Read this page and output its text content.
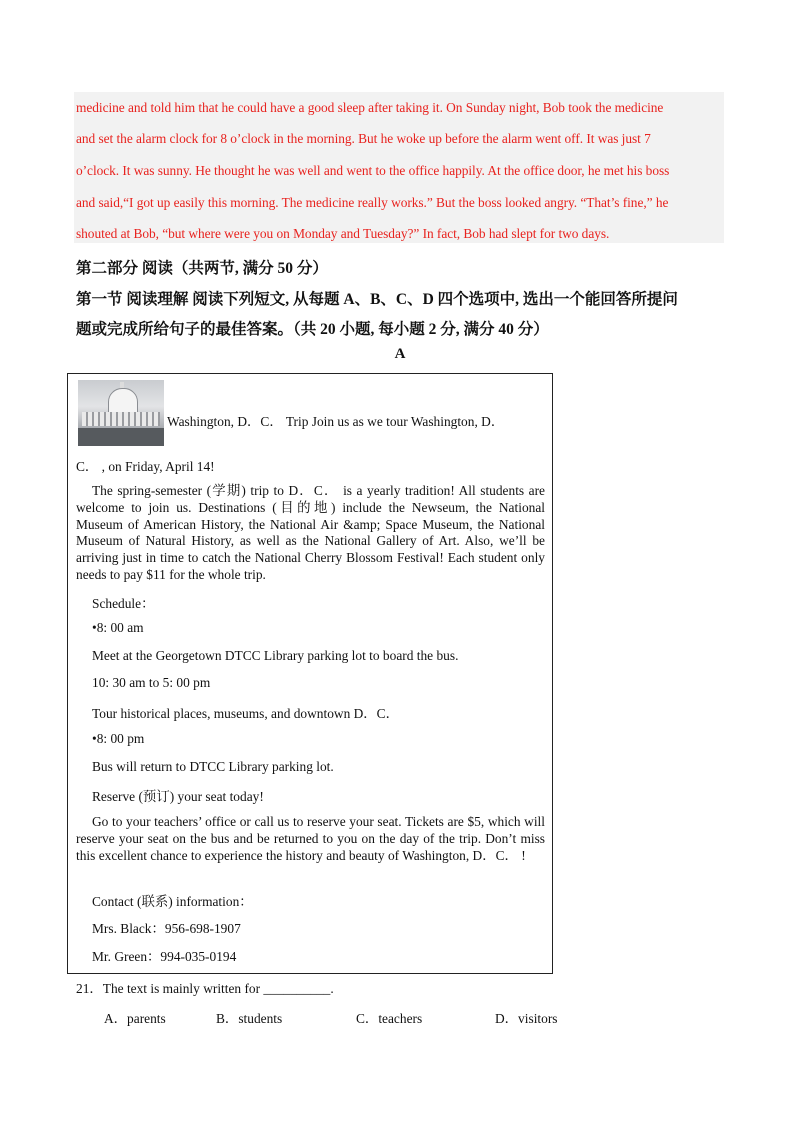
medicine and told him that he could have a good sleep after taking it. On Sunday night, Bob took the medicine
and set the alarm clock for 8 o’clock in the morning. But he woke up before the alarm went off. It was just 7
o’clock. It was sunny. He thought he was well and went to the office happily. At the office door, he met his boss
and said,“I got up easily this morning. The medicine really works.” But the boss looked angry. “That’s fine,” he
shouted at Bob, “but where were you on Monday and Tuesday?” In fact, Bob had slept for two days.
第二部分 阅读（共两节, 满分 50 分）
第一节 阅读理解 阅读下列短文, 从每题 A、B、C、D 四个选项中, 选出一个能回答所提问
题或完成所给句子的最佳答案。（共 20 小题, 每小题 2 分, 满分 40 分）
A
Washington, D．C． Trip Join us as we tour Washington, D．
C． , on Friday, April 14!
The spring-semester (学期) trip to D．C． is a yearly tradition! All students are welcome to join us. Destinations (目的地) include the Newseum, the National Museum of American History, the National Air &amp; Space Museum, the National Museum of Natural History, as well as the National Gallery of Art. Also, we’ll be arriving just in time to catch the National Cherry Blossom Festival! Each student only needs to pay $11 for the whole trip.
Schedule：
•8: 00 am
Meet at the Georgetown DTCC Library parking lot to board the bus.
10: 30 am to 5: 00 pm
Tour historical places, museums, and downtown D．C．
•8: 00 pm
Bus will return to DTCC Library parking lot.
Reserve (预订) your seat today!
Go to your teachers’ office or call us to reserve your seat. Tickets are $5, which will reserve your seat on the bus and be returned to you on the day of the trip. Don’t miss this excellent chance to experience the history and beauty of Washington, D．C． !
Contact (联系) information：
Mrs. Black：956-698-1907
Mr. Green：994-035-0194
21．The text is mainly written for __________.
A．parents	B．students	C．teachers	D．visitors
